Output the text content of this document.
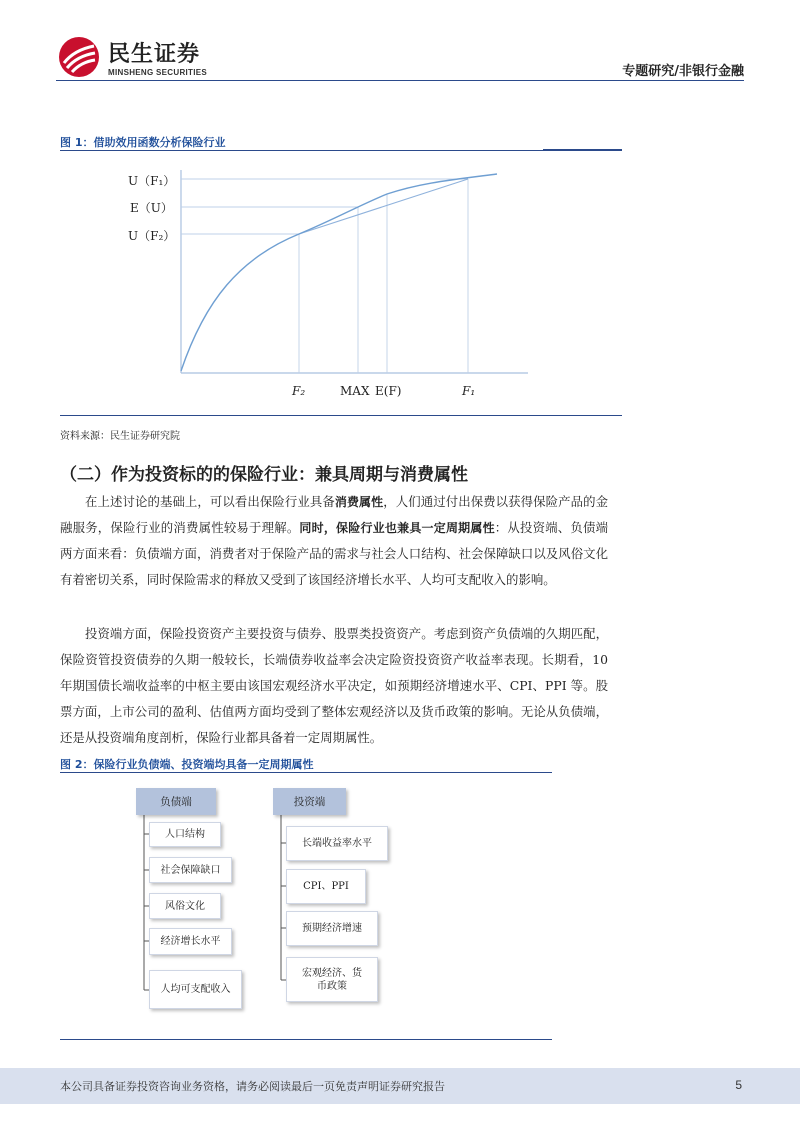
民生证券
MINSHENG SECURITIES	专题研究/非银行金融
图 1：借助效用函数分析保险行业
U（F₁）
E（U）
U（F₂）
F₂	MAX E(F)	F₁
资料来源：民生证券研究院
（二）作为投资标的的保险行业：兼具周期与消费属性
在上述讨论的基础上，可以看出保险行业具备消费属性，人们通过付出保费以获得保险产品的金融服务，保险行业的消费属性较易于理解。同时，保险行业也兼具一定周期属性：从投资端、负债端两方面来看：负债端方面，消费者对于保险产品的需求与社会人口结构、社会保障缺口以及风俗文化有着密切关系，同时保险需求的释放又受到了该国经济增长水平、人均可支配收入的影响。
投资端方面，保险投资资产主要投资与债券、股票类投资资产。考虑到资产负债端的久期匹配，保险资管投资债券的久期一般较长，长端债券收益率会决定险资投资资产收益率表现。长期看，10 年期国债长端收益率的中枢主要由该国宏观经济水平决定，如预期经济增速水平、CPI、PPI 等。股票方面，上市公司的盈利、估值两方面均受到了整体宏观经济以及货币政策的影响。无论从负债端，还是从投资端角度剖析，保险行业都具备着一定周期属性。
图 2：保险行业负债端、投资端均具备一定周期属性
负债端
人口结构
社会保障缺口
风俗文化
经济增长水平
人均可支配收入
投资端
长端收益率水平
CPI、PPI
预期经济增速
宏观经济、货币政策
本公司具备证券投资咨询业务资格，请务必阅读最后一页免责声明证券研究报告	5
